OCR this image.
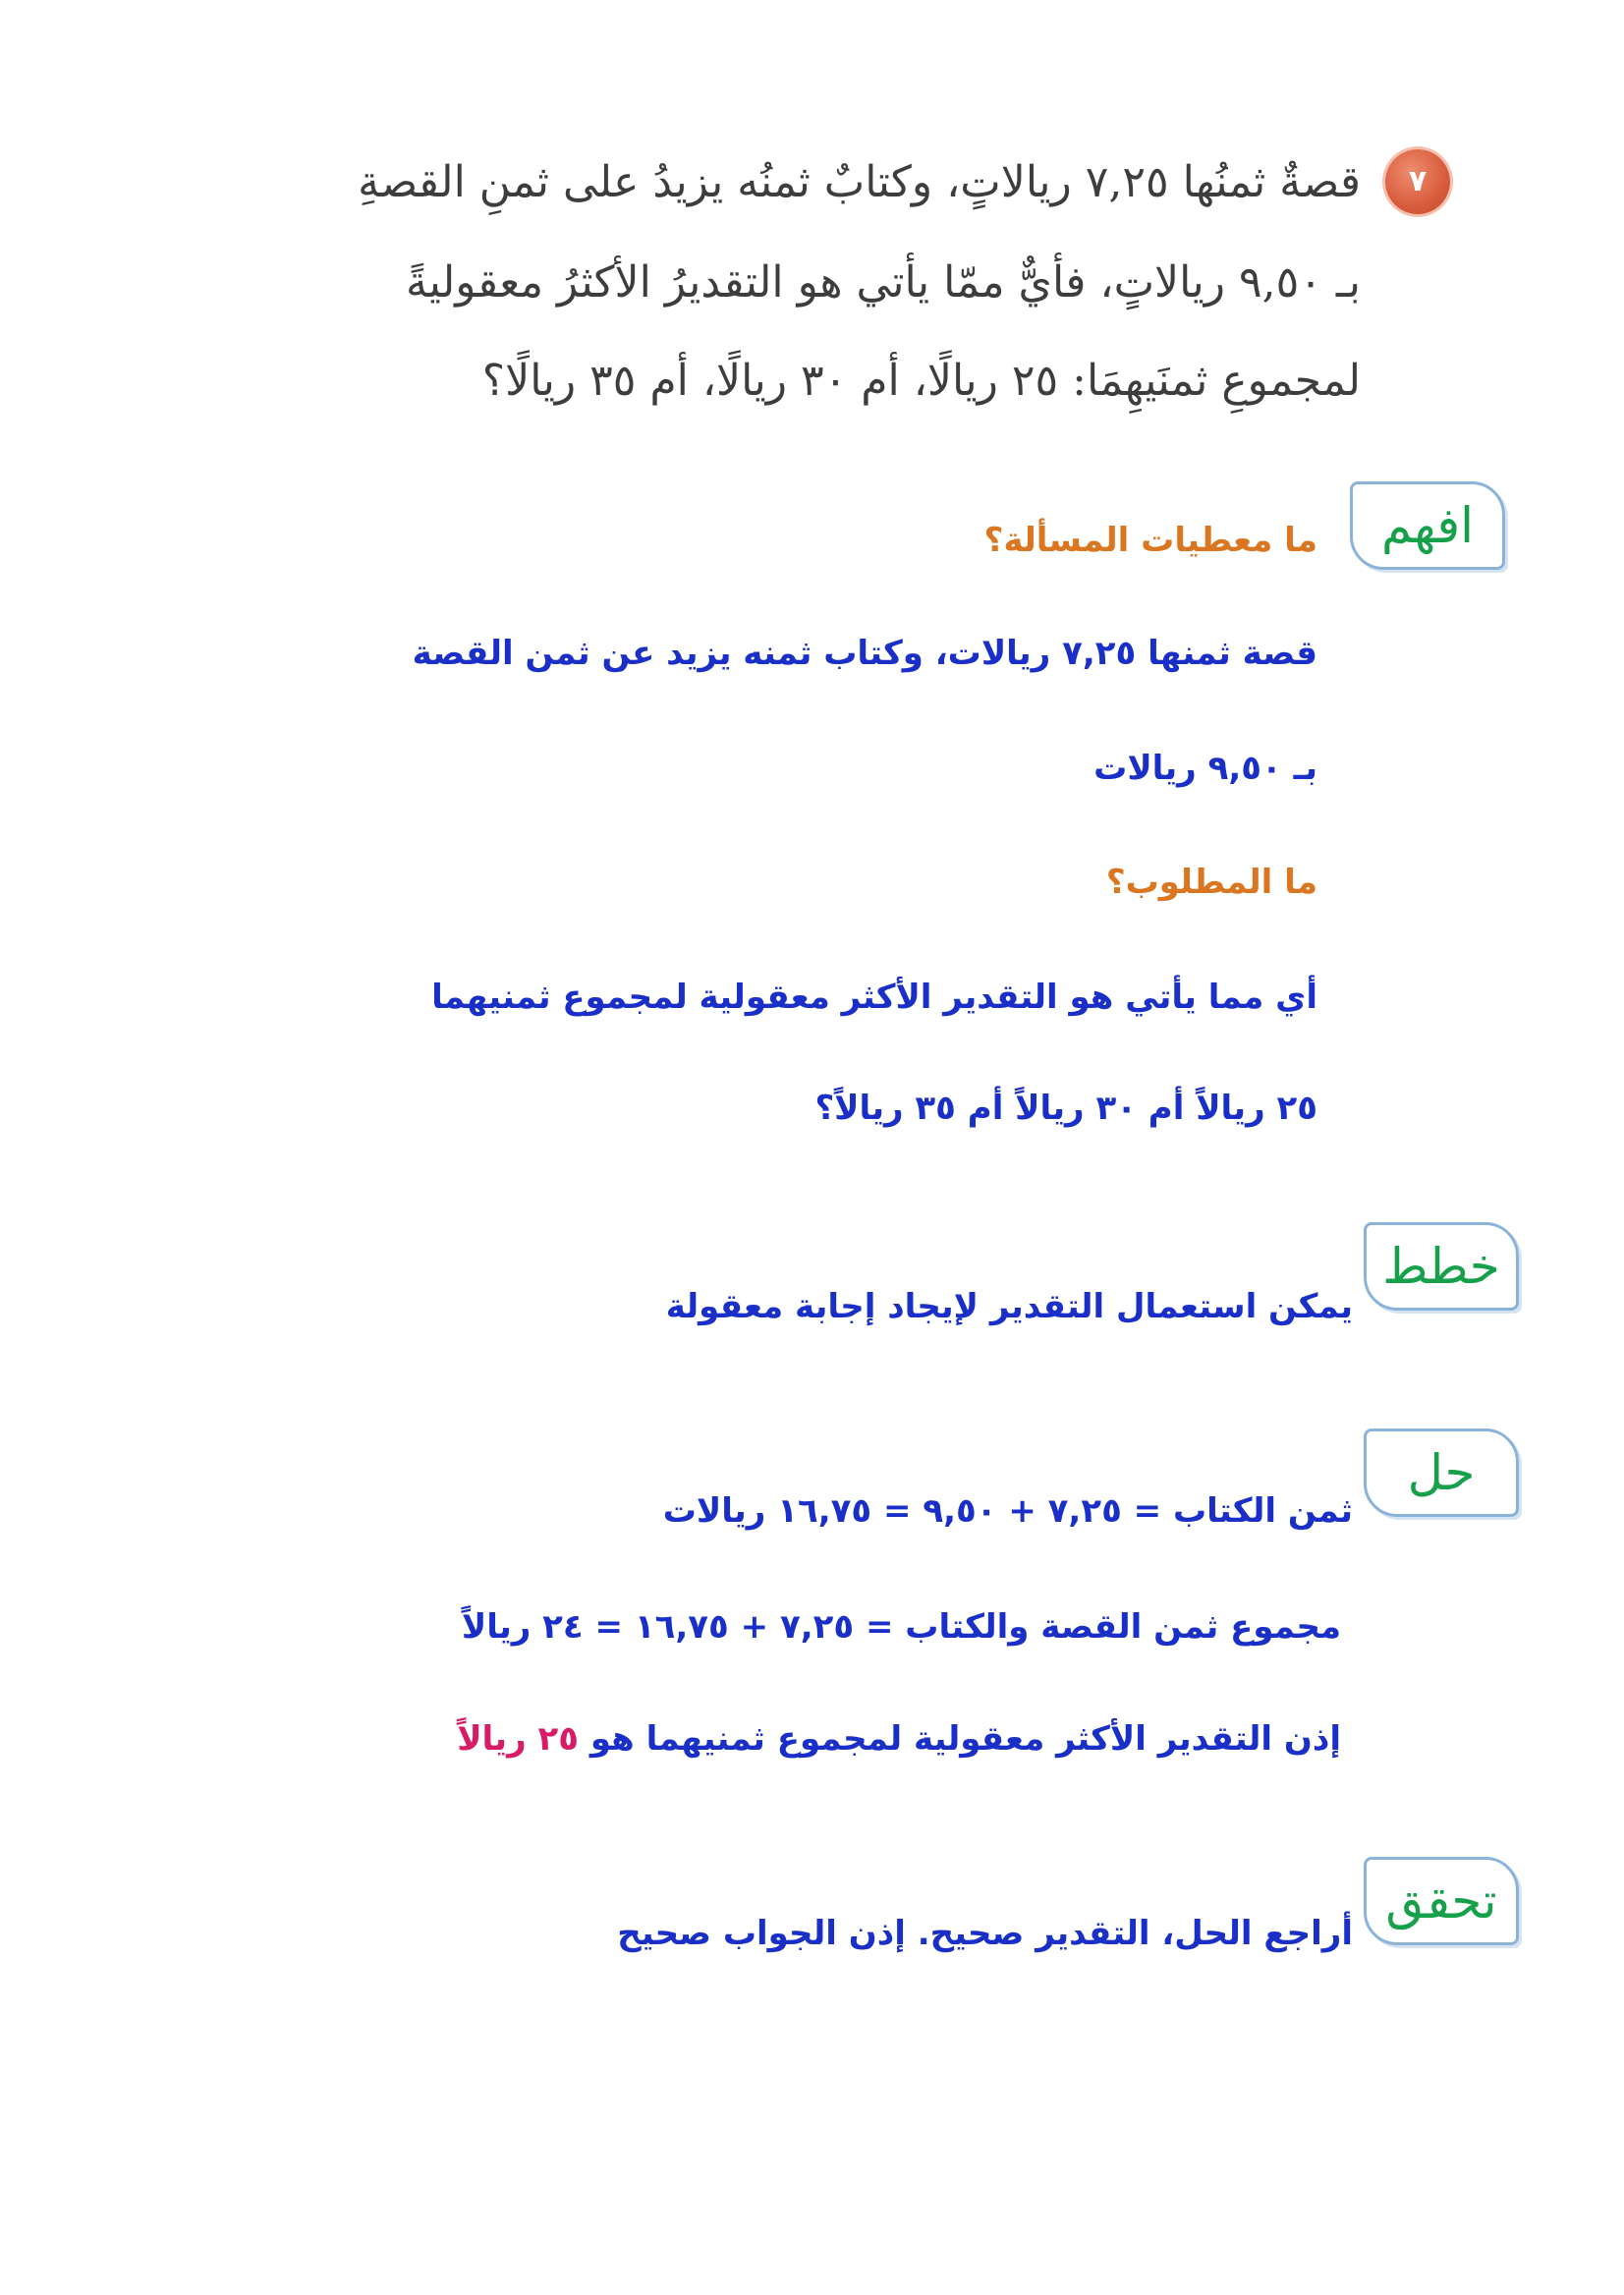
٧
قصةٌ ثمنُها ٧,٢٥ ريالاتٍ، وكتابٌ ثمنُه يزيدُ على ثمنِ القصةِ
بـ ٩,٥٠ ريالاتٍ، فأيٌّ ممّا يأتي هو التقديرُ الأكثرُ معقوليةً
لمجموعِ ثمنَيهِمَا: ٢٥ ريالًا، أم ٣٠ ريالًا، أم ٣٥ ريالًا؟
افهم
ما معطيات المسألة؟
قصة ثمنها ٧,٢٥ ريالات، وكتاب ثمنه يزيد عن ثمن القصة
بـ ٩,٥٠ ريالات
ما المطلوب؟
أي مما يأتي هو التقدير الأكثر معقولية لمجموع ثمنيهما
٢٥ ريالاً أم ٣٠ ريالاً أم ٣٥ ريالاً؟
خطط
يمكن استعمال التقدير لإيجاد إجابة معقولة
حل
ثمن الكتاب = ٧,٢٥ + ٩,٥٠ = ١٦,٧٥ ريالات
مجموع ثمن القصة والكتاب = ٧,٢٥ + ١٦,٧٥ = ٢٤ ريالاً
إذن التقدير الأكثر معقولية لمجموع ثمنيهما هو ٢٥ ريالاً
تحقق
أراجع الحل، التقدير صحيح. إذن الجواب صحيح
